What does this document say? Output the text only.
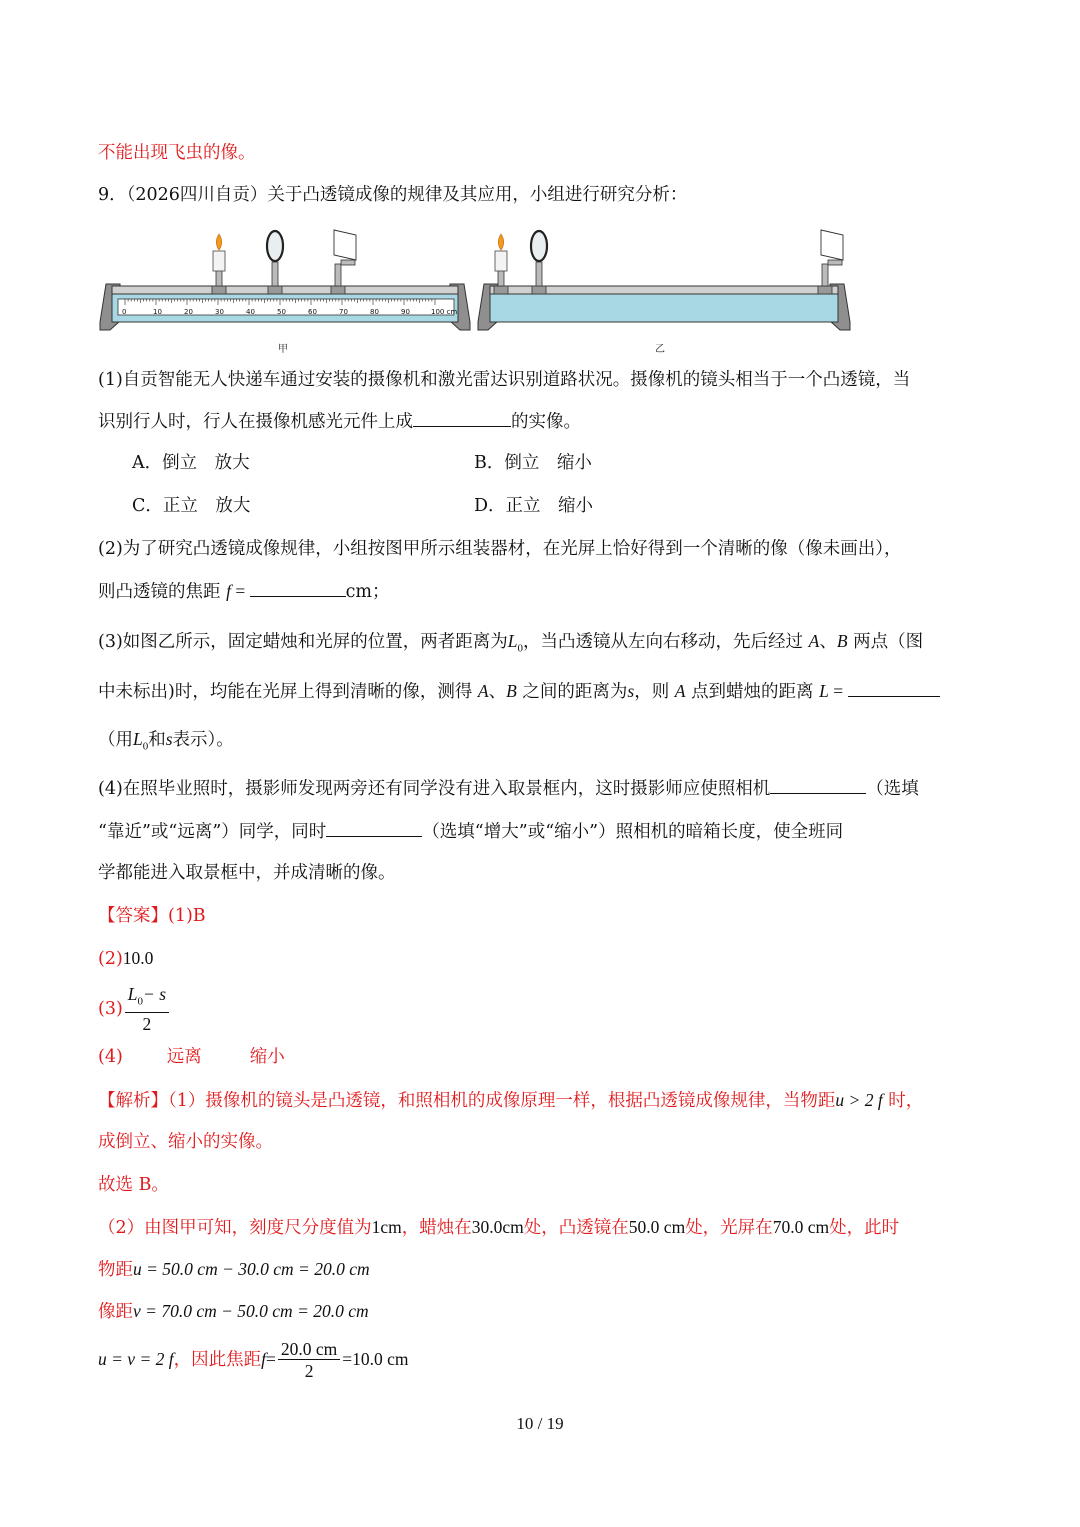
不能出现飞虫的像。
9．（2026四川自贡）关于凸透镜成像的规律及其应用，小组进行研究分析：
0	10	20	30	40	50	60	70	80	90	100 cm
甲	乙
(1)自贡智能无人快递车通过安装的摄像机和激光雷达识别道路状况。摄像机的镜头相当于一个凸透镜，当
识别行人时，行人在摄像机感光元件上成	的实像。
A．倒立　放大	B．倒立　缩小
C．正立　放大	D．正立　缩小
(2)为了研究凸透镜成像规律，小组按图甲所示组装器材，在光屏上恰好得到一个清晰的像（像未画出），
则凸透镜的焦距 f =	cm；
(3)如图乙所示，固定蜡烛和光屏的位置，两者距离为$L_0$，当凸透镜从左向右移动，先后经过 A、B 两点（图
中未标出)时，均能在光屏上得到清晰的像，测得 A、B 之间的距离为s，则 A 点到蜡烛的距离 L =
（用$L_0$和s表示）。
(4)在照毕业照时，摄影师发现两旁还有同学没有进入取景框内，这时摄影师应使照相机	（选填
“靠近”或“远离”）同学，同时	（选填“增大”或“缩小”）照相机的暗箱长度，使全班同
学都能进入取景框中，并成清晰的像。
【答案】(1)B
(2)10.0
$(3) \frac{L_0- s}{2}$
(4)	远离	缩小
【解析】（1）摄像机的镜头是凸透镜，和照相机的成像原理一样，根据凸透镜成像规律，当物距u > 2 f 时，
成倒立、缩小的实像。
故选 B。
（2）由图甲可知，刻度尺分度值为1cm，蜡烛在30.0cm处，凸透镜在50.0 cm处，光屏在70.0 cm处，此时
物距u = 50.0 cm − 30.0 cm = 20.0 cm
像距v = 70.0 cm − 50.0 cm = 20.0 cm
u = v = 2 f，因此焦距$f= \frac{20.0 cm}{2} =10.0$ cm
10 / 19
